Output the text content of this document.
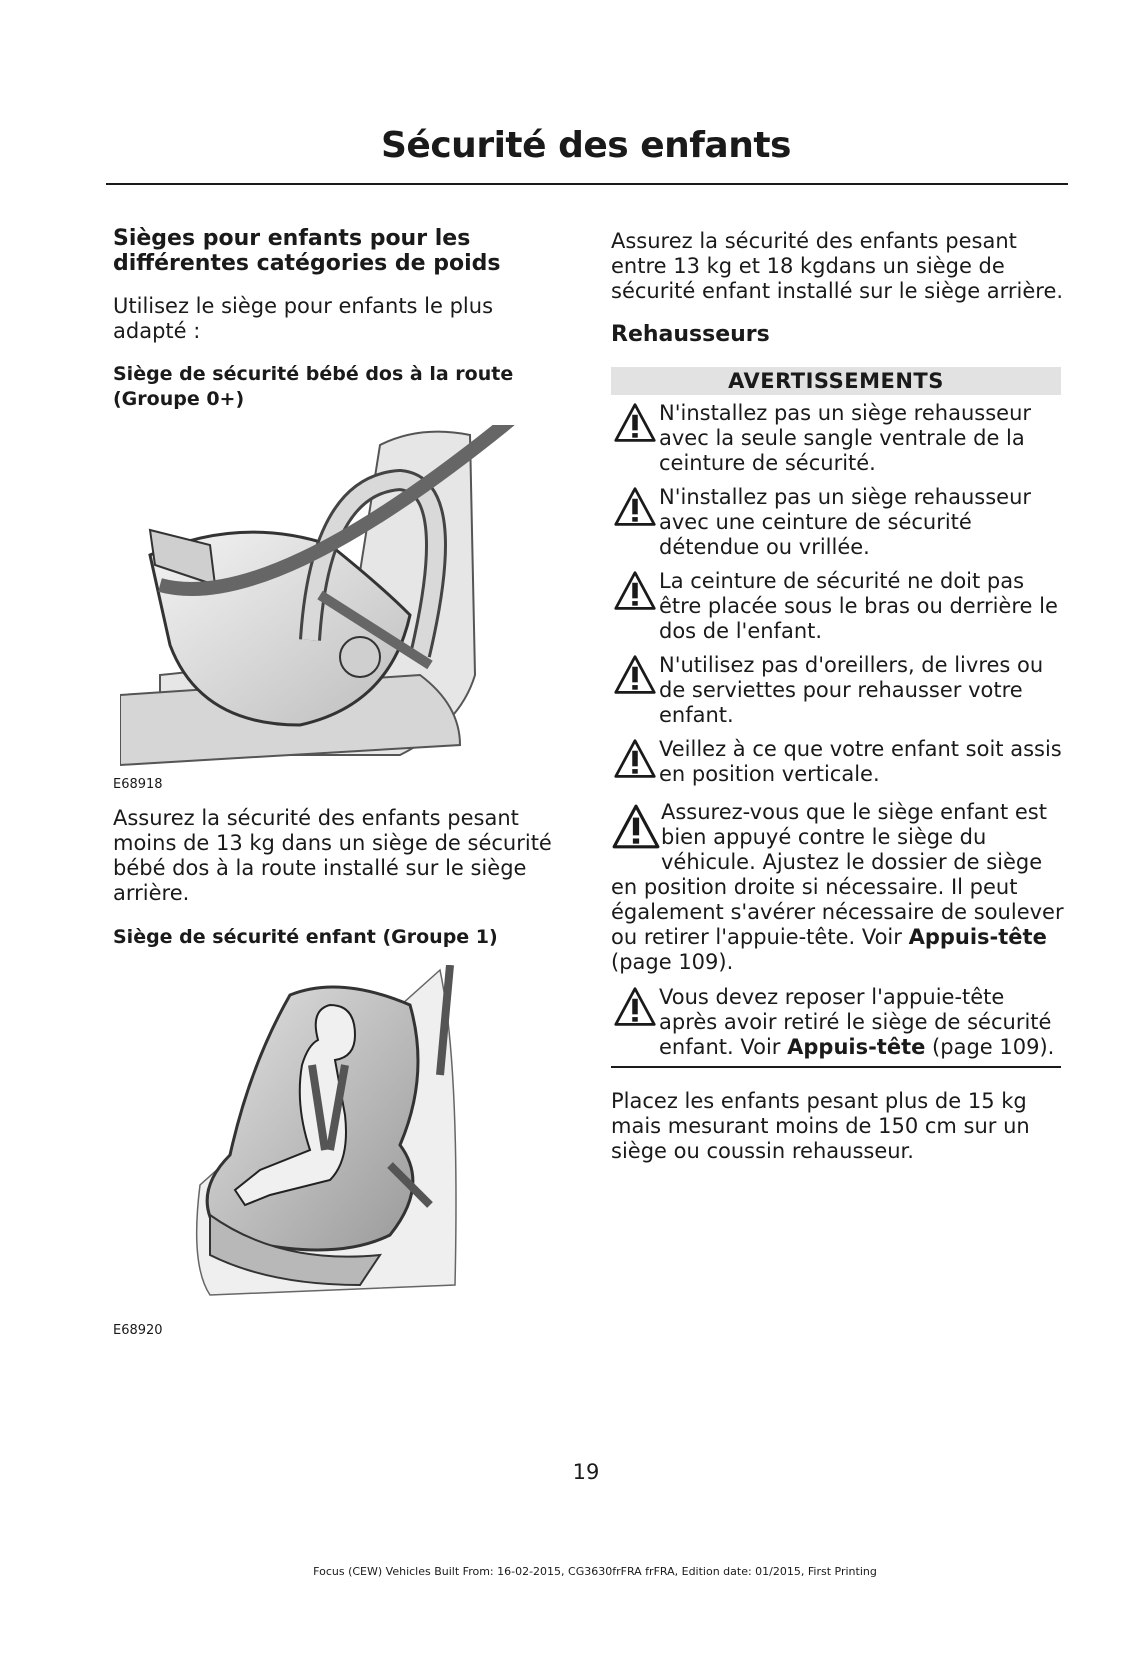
Sécurité des enfants
Sièges pour enfants pour les différentes catégories de poids
Utilisez le siège pour enfants le plus adapté :
Siège de sécurité bébé dos à la route (Groupe 0+)
E68918
Assurez la sécurité des enfants pesant moins de 13 kg dans un siège de sécurité bébé dos à la route installé sur le siège arrière.
Siège de sécurité enfant (Groupe 1)
E68920
Assurez la sécurité des enfants pesant entre 13 kg et 18 kgdans un siège de sécurité enfant installé sur le siège arrière.
Rehausseurs
AVERTISSEMENTS
N'installez pas un siège rehausseur avec la seule sangle ventrale de la ceinture de sécurité.
N'installez pas un siège rehausseur avec une ceinture de sécurité détendue ou vrillée.
La ceinture de sécurité ne doit pas être placée sous le bras ou derrière le dos de l'enfant.
N'utilisez pas d'oreillers, de livres ou de serviettes pour rehausser votre enfant.
Veillez à ce que votre enfant soit assis en position verticale.
Assurez-vous que le siège enfant est bien appuyé contre le siège du véhicule. Ajustez le dossier de siège en position droite si nécessaire. Il peut également s'avérer nécessaire de soulever ou retirer l'appuie-tête. Voir Appuis-tête (page 109).
Vous devez reposer l'appuie-tête après avoir retiré le siège de sécurité enfant. Voir Appuis-tête (page 109).
Placez les enfants pesant plus de 15 kg mais mesurant moins de 150 cm sur un siège ou coussin rehausseur.
19
Focus (CEW) Vehicles Built From: 16-02-2015, CG3630frFRA frFRA, Edition date: 01/2015, First Printing
